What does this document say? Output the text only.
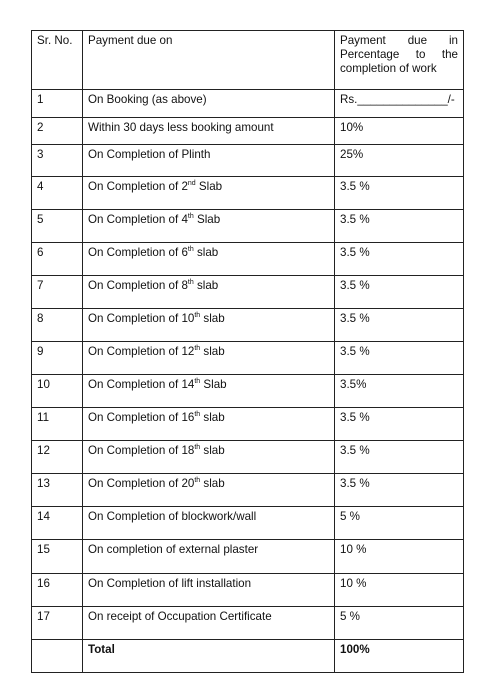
Sr. No.	Payment due on	Payment due in
Percentage to the
completion of work

1	On Booking (as above)	Rs.______________/-
2	Within 30 days less booking amount	10%
3	On Completion of Plinth	25%
4	On Completion of 2nd Slab	3.5 %
5	On Completion of 4th Slab	3.5 %
6	On Completion of 6th slab	3.5 %
7	On Completion of 8th slab	3.5 %
8	On Completion of 10th slab	3.5 %
9	On Completion of 12th slab	3.5 %
10	On Completion of 14th Slab	3.5%
11	On Completion of 16th slab	3.5 %
12	On Completion of 18th slab	3.5 %
13	On Completion of 20th slab	3.5 %
14	On Completion of blockwork/wall	5 %
15	On completion of external plaster	10 %
16	On Completion of lift installation	10 %
17	On receipt of Occupation Certificate	5 %
	Total	100%
